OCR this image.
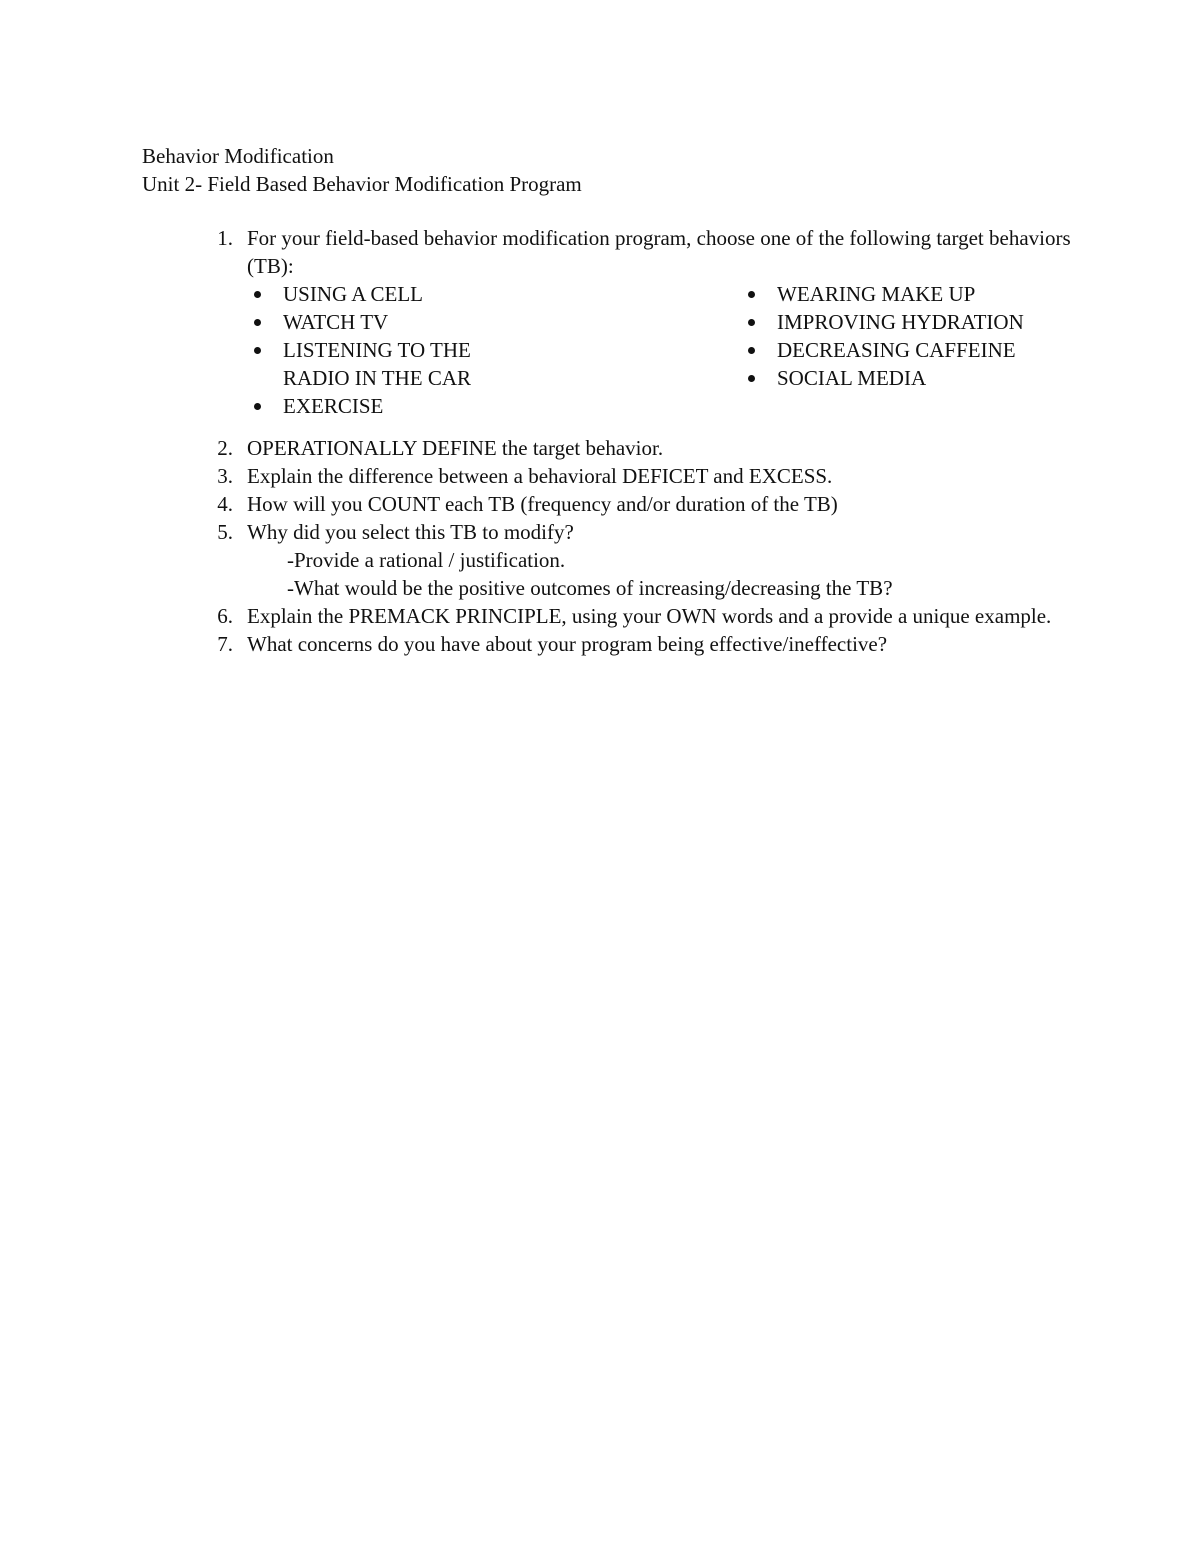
Behavior Modification
Unit 2- Field Based Behavior Modification Program
1. For your field-based behavior modification program, choose one of the following target behaviors (TB):
USING A CELL
WATCH TV
LISTENING TO THE RADIO IN THE CAR
EXERCISE
WEARING MAKE UP
IMPROVING HYDRATION
DECREASING CAFFEINE
SOCIAL MEDIA
2. OPERATIONALLY DEFINE the target behavior.
3. Explain the difference between a behavioral DEFICET and EXCESS.
4. How will you COUNT each TB (frequency and/or duration of the TB)
5. Why did you select this TB to modify?
-Provide a rational / justification.
-What would be the positive outcomes of increasing/decreasing the TB?
6. Explain the PREMACK PRINCIPLE, using your OWN words and a provide a unique example.
7. What concerns do you have about your program being effective/ineffective?
